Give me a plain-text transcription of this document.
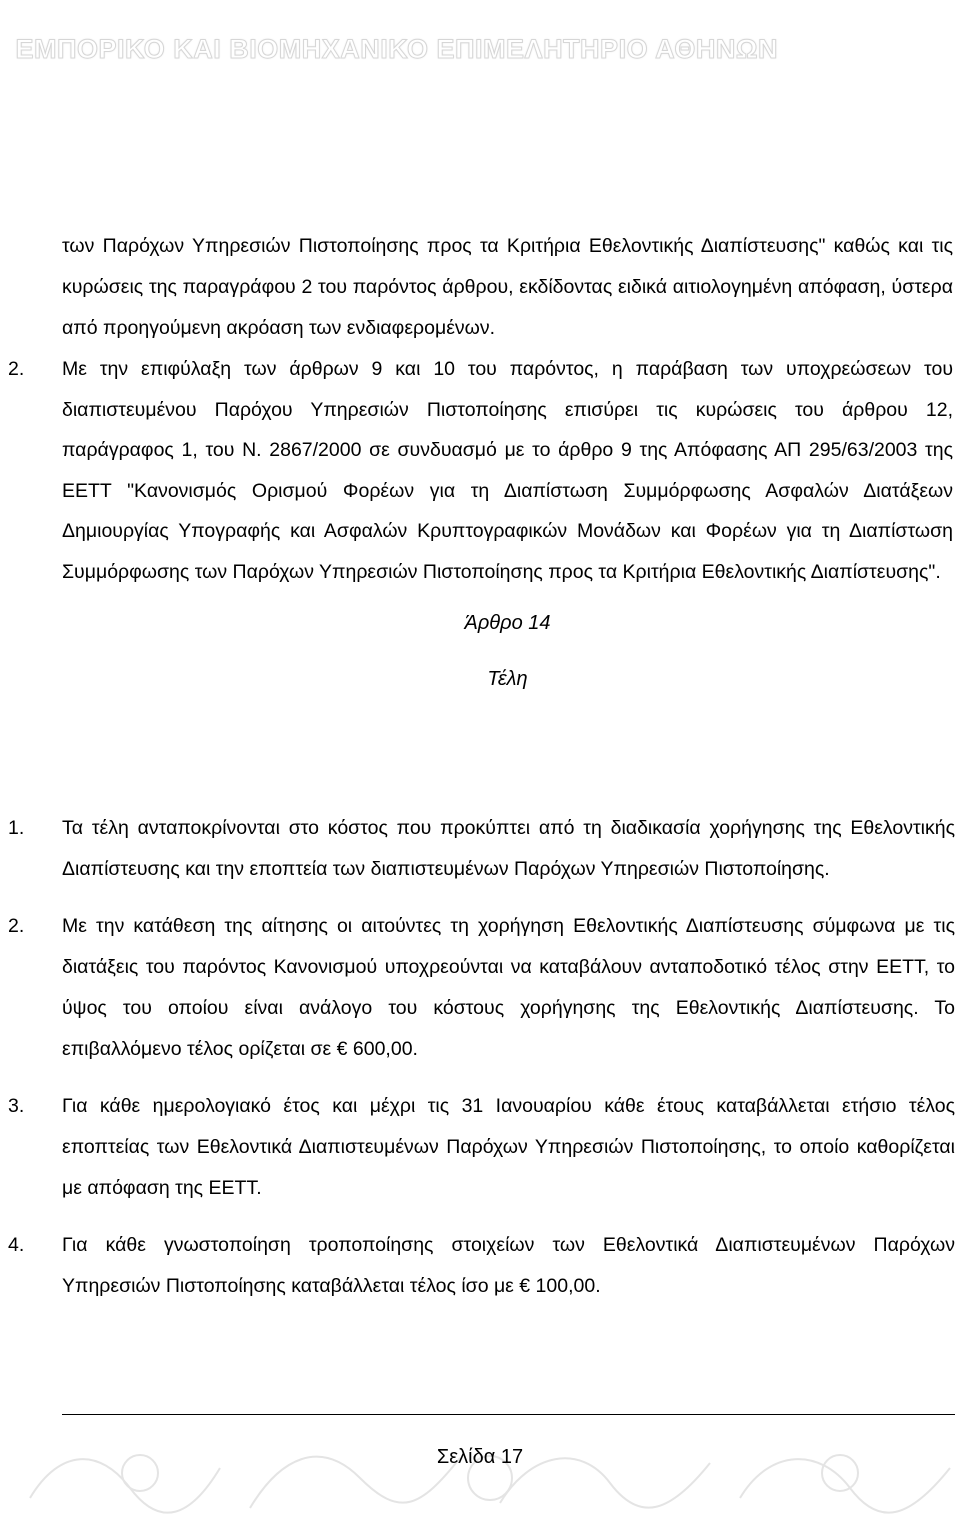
ΕΜΠΟΡΙΚΟ ΚΑΙ ΒΙΟΜΗΧΑΝΙΚΟ ΕΠΙΜΕΛΗΤΗΡΙΟ ΑΘΗΝΩΝ
των Παρόχων Υπηρεσιών Πιστοποίησης προς τα Κριτήρια Εθελοντικής Διαπίστευσης" καθώς και τις κυρώσεις της παραγράφου 2 του παρόντος άρθρου, εκδίδοντας ειδικά αιτιολογημένη απόφαση, ύστερα από προηγούμενη ακρόαση των ενδιαφερομένων.
2. Με την επιφύλαξη των άρθρων 9 και 10 του παρόντος, η παράβαση των υποχρεώσεων του διαπιστευμένου Παρόχου Υπηρεσιών Πιστοποίησης επισύρει τις κυρώσεις του άρθρου 12, παράγραφος 1, του Ν. 2867/2000 σε συνδυασμό με το άρθρο 9 της Απόφασης ΑΠ 295/63/2003 της ΕΕΤΤ "Κανονισμός Ορισμού Φορέων για τη Διαπίστωση Συμμόρφωσης Ασφαλών Διατάξεων Δημιουργίας Υπογραφής και Ασφαλών Κρυπτογραφικών Μονάδων και Φορέων για τη Διαπίστωση Συμμόρφωσης των Παρόχων Υπηρεσιών Πιστοποίησης προς τα Κριτήρια Εθελοντικής Διαπίστευσης".
Άρθρο 14
Τέλη
1. Τα τέλη ανταποκρίνονται στο κόστος που προκύπτει από τη διαδικασία χορήγησης της Εθελοντικής Διαπίστευσης και την εποπτεία των διαπιστευμένων Παρόχων Υπηρεσιών Πιστοποίησης.
2. Με την κατάθεση της αίτησης οι αιτούντες τη χορήγηση Εθελοντικής Διαπίστευσης σύμφωνα με τις διατάξεις του παρόντος Κανονισμού υποχρεούνται να καταβάλουν ανταποδοτικό τέλος στην ΕΕΤΤ, το ύψος του οποίου είναι ανάλογο του κόστους χορήγησης της Εθελοντικής Διαπίστευσης. Το επιβαλλόμενο τέλος ορίζεται σε € 600,00.
3. Για κάθε ημερολογιακό έτος και μέχρι τις 31 Ιανουαρίου κάθε έτους καταβάλλεται ετήσιο τέλος εποπτείας των Εθελοντικά Διαπιστευμένων Παρόχων Υπηρεσιών Πιστοποίησης, το οποίο καθορίζεται με απόφαση της ΕΕΤΤ.
4. Για κάθε γνωστοποίηση τροποποίησης στοιχείων των Εθελοντικά Διαπιστευμένων Παρόχων Υπηρεσιών Πιστοποίησης καταβάλλεται τέλος ίσο με € 100,00.
Σελίδα 17
